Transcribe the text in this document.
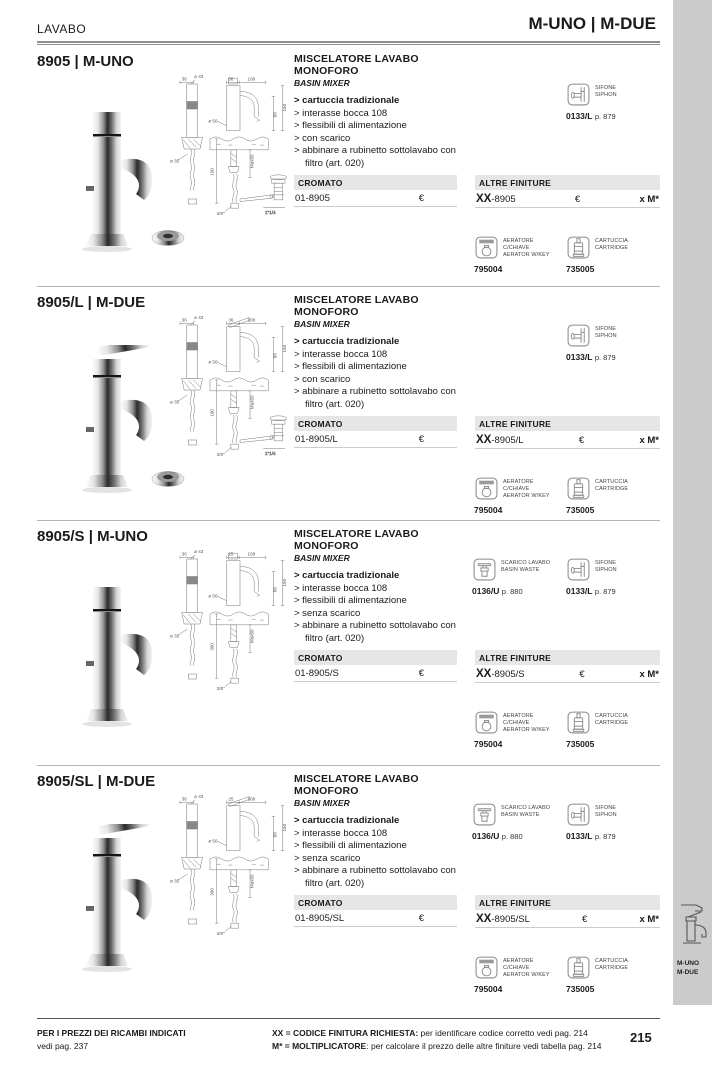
LAVABO	M-UNO | M-DUE
8905 | M-UNO
1"1/4
36 ø 43
ø 35
36	108
150
88
ø 50
190
Max50
3/8"
MISCELATORE LAVABO MONOFORO
BASIN MIXER
> cartuccia tradizionale
> interasse bocca 108
> flessibili di alimentazione
> con scarico
> abbinare a rubinetto sottolavabo con filtro (art. 020)
SIFONE
SIPHON
0133/L p. 879
CROMATO
01-8905	€
ALTRE FINITURE
XX-8905	€	x M*
AERATORE C/CHIAVE
AERATOR W/KEY
795004
CARTUCCIA
CARTRIDGE
735005
8905/L | M-DUE
1"1/4
36 ø 43
ø 35
36	108
150
88
ø 50
190
Max50
3/8"
MISCELATORE LAVABO MONOFORO
BASIN MIXER
> cartuccia tradizionale
> interasse bocca 108
> flessibili di alimentazione
> con scarico
> abbinare a rubinetto sottolavabo con filtro (art. 020)
SIFONE
SIPHON
0133/L p. 879
CROMATO
01-8905/L	€
ALTRE FINITURE
XX-8905/L	€	x M*
AERATORE C/CHIAVE
AERATOR W/KEY
795004
CARTUCCIA
CARTRIDGE
735005
8905/S | M-UNO
36 ø 43
ø 35
25	108
150
88
ø 50
390
Max50
3/8"
MISCELATORE LAVABO MONOFORO
BASIN MIXER
> cartuccia tradizionale
> interasse bocca 108
> flessibili di alimentazione
> senza scarico
> abbinare a rubinetto sottolavabo con filtro (art. 020)
SCARICO LAVABO
BASIN WASTE
0136/U p. 880
SIFONE
SIPHON
0133/L p. 879
CROMATO
01-8905/S	€
ALTRE FINITURE
XX-8905/S	€	x M*
AERATORE C/CHIAVE
AERATOR W/KEY
795004
CARTUCCIA
CARTRIDGE
735005
8905/SL | M-DUE
36 ø 43
ø 35
25	108
150
88
ø 50
390
Max50
3/8"
MISCELATORE LAVABO MONOFORO
BASIN MIXER
> cartuccia tradizionale
> interasse bocca 108
> flessibili di alimentazione
> senza scarico
> abbinare a rubinetto sottolavabo con filtro (art. 020)
SCARICO LAVABO
BASIN WASTE
0136/U p. 880
SIFONE
SIPHON
0133/L p. 879
CROMATO
01-8905/SL	€
ALTRE FINITURE
XX-8905/SL	€	x M*
AERATORE C/CHIAVE
AERATOR W/KEY
795004
CARTUCCIA
CARTRIDGE
735005
M-UNO
M-DUE
PER I PREZZI DEI RICAMBI INDICATI
vedi pag. 237
XX = CODICE FINITURA RICHIESTA: per identificare codice corretto vedi pag. 214
M* = MOLTIPLICATORE: per calcolare il prezzo delle altre finiture vedi tabella pag. 214
215
